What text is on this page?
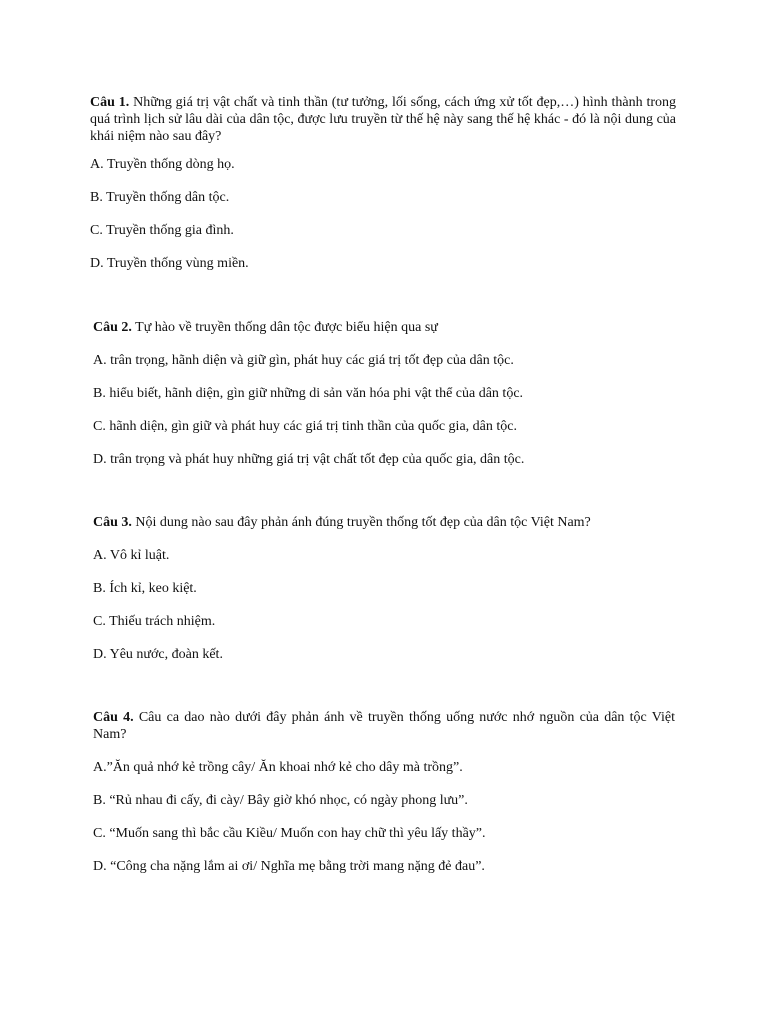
Câu 1. Những giá trị vật chất và tinh thần (tư tưởng, lối sống, cách ứng xử tốt đẹp,…) hình thành trong quá trình lịch sử lâu dài của dân tộc, được lưu truyền từ thế hệ này sang thế hệ khác - đó là nội dung của khái niệm nào sau đây?

A. Truyền thống dòng họ.

B. Truyền thống dân tộc.

C. Truyền thống gia đình.

D. Truyền thống vùng miền.

Câu 2. Tự hào về truyền thống dân tộc được biểu hiện qua sự

A. trân trọng, hãnh diện và giữ gìn, phát huy các giá trị tốt đẹp của dân tộc.

B. hiểu biết, hãnh diện, gìn giữ những di sản văn hóa phi vật thể của dân tộc.

C. hãnh diện, gìn giữ và phát huy các giá trị tinh thần của quốc gia, dân tộc.

D. trân trọng và phát huy những giá trị vật chất tốt đẹp của quốc gia, dân tộc.

Câu 3. Nội dung nào sau đây phản ánh đúng truyền thống tốt đẹp của dân tộc Việt Nam?

A. Vô kỉ luật.

B. Ích kỉ, keo kiệt.

C. Thiếu trách nhiệm.

D. Yêu nước, đoàn kết.

Câu 4. Câu ca dao nào dưới đây phản ánh về truyền thống uống nước nhớ nguồn của dân tộc Việt Nam?

A.”Ăn quả nhớ kẻ trồng cây/ Ăn khoai nhớ kẻ cho dây mà trồng”.

B. “Rủ nhau đi cấy, đi cày/ Bây giờ khó nhọc, có ngày phong lưu”.

C. “Muốn sang thì bắc cầu Kiều/ Muốn con hay chữ thì yêu lấy thầy”.

D. “Công cha nặng lắm ai ơi/ Nghĩa mẹ bằng trời mang nặng đẻ đau”.
